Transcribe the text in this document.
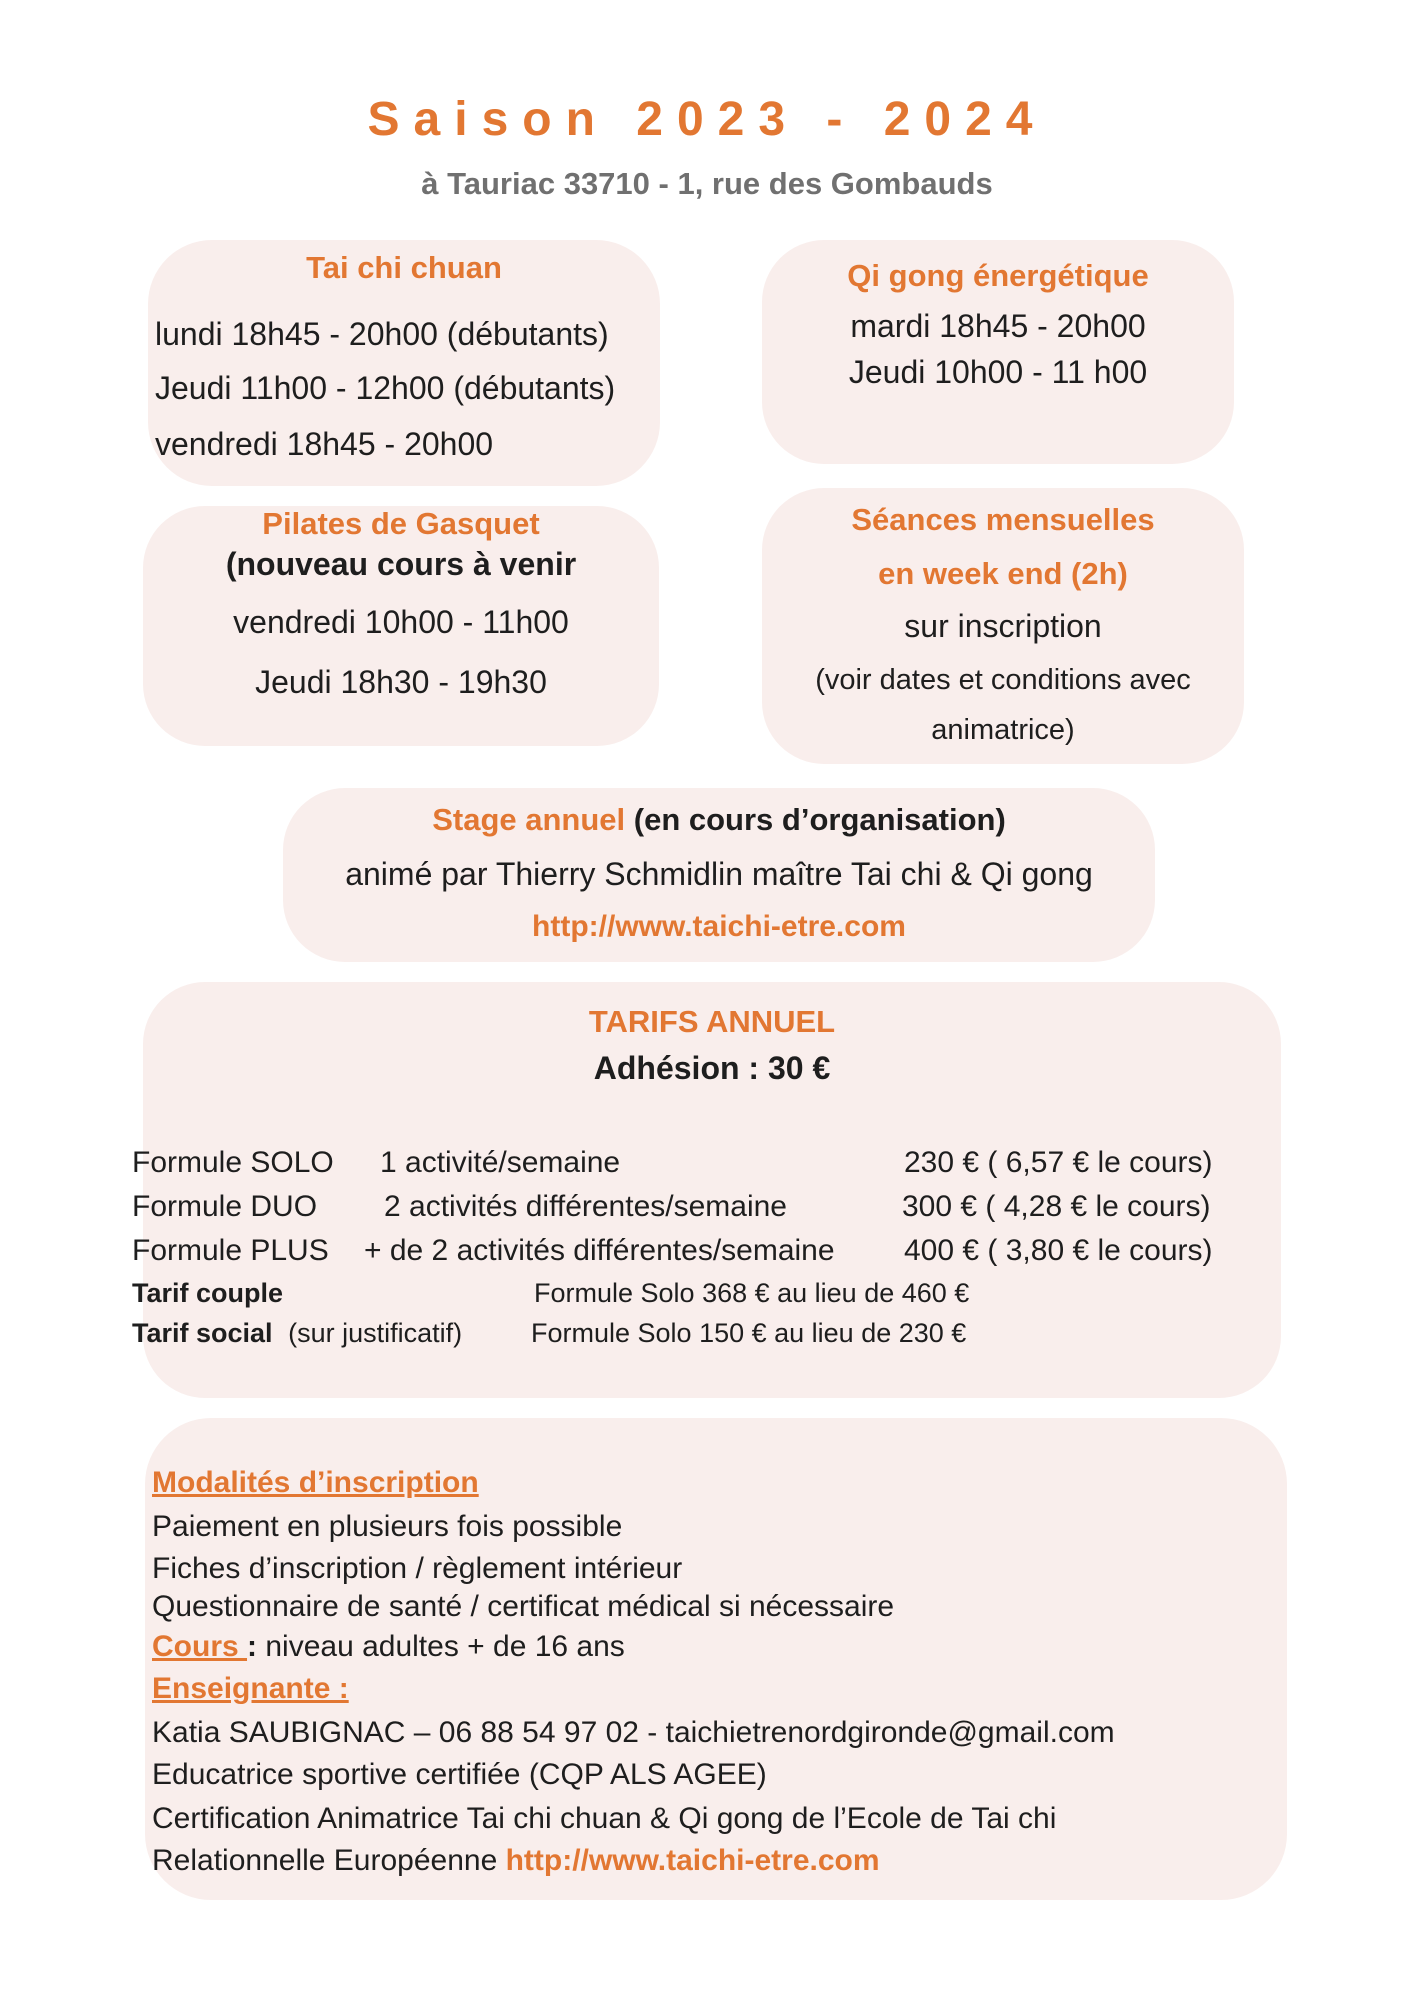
Saison 2023 - 2024
à Tauriac 33710 - 1, rue des Gombauds
Tai chi chuan
lundi 18h45 - 20h00 (débutants)
Jeudi 11h00 - 12h00 (débutants)
vendredi 18h45 - 20h00
Qi gong énergétique
mardi 18h45 - 20h00
Jeudi 10h00 - 11 h00
Pilates de Gasquet
(nouveau cours à venir
vendredi 10h00 - 11h00
Jeudi 18h30 - 19h30
Séances mensuelles
en week end (2h)
sur inscription
(voir dates et conditions avec
animatrice)
Stage annuel (en cours d’organisation)
animé par Thierry Schmidlin maître Tai chi & Qi gong
http://www.taichi-etre.com
TARIFS ANNUEL
Adhésion : 30 €
Formule SOLO 1 activité/semaine	230 € ( 6,57 € le cours)
Formule DUO 2 activités différentes/semaine	300 € ( 4,28 € le cours)
Formule PLUS + de 2 activités différentes/semaine 400 € ( 3,80 € le cours)
Tarif couple	Formule Solo 368 € au lieu de 460 €
Tarif social (sur justificatif)	Formule Solo 150 € au lieu de 230 €
Modalités d’inscription
Paiement en plusieurs fois possible
Fiches d’inscription / règlement intérieur
Questionnaire de santé / certificat médical si nécessaire
Cours : niveau adultes + de 16 ans
Enseignante :
Katia SAUBIGNAC – 06 88 54 97 02 - taichietrenordgironde@gmail.com
Educatrice sportive certifiée (CQP ALS AGEE)
Certification Animatrice Tai chi chuan & Qi gong de l’Ecole de Tai chi
Relationnelle Européenne http://www.taichi-etre.com
